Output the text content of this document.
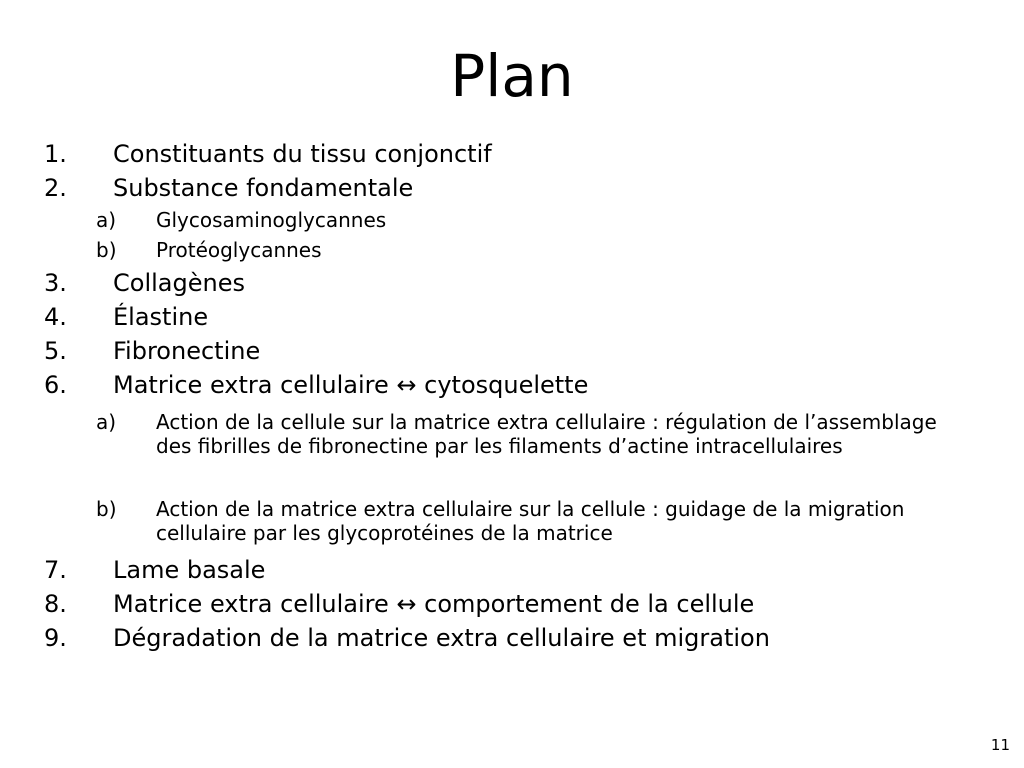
Plan
1. Constituants du tissu conjonctif
2. Substance fondamentale
a) Glycosaminoglycannes
b) Protéoglycannes
3. Collagènes
4. Élastine
5. Fibronectine
6. Matrice extra cellulaire ↔ cytosquelette
a) Action de la cellule sur la matrice extra cellulaire : régulation de l’assemblage des fibrilles de fibronectine par les filaments d’actine intracellulaires
b) Action de la matrice extra cellulaire sur la cellule : guidage de la migration cellulaire par les glycoprotéines de la matrice
7. Lame basale
8. Matrice extra cellulaire ↔ comportement de la cellule
9. Dégradation de la matrice extra cellulaire et migration
11
